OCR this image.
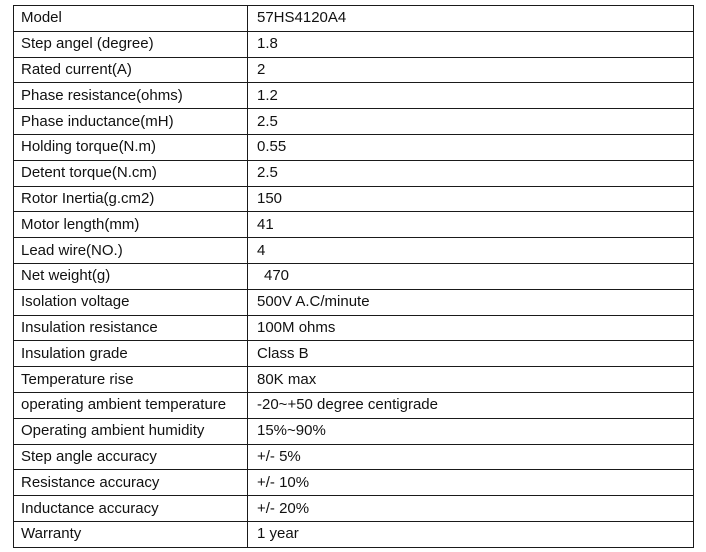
Model	57HS4120A4
Step angel (degree)	1.8
Rated current(A)	2
Phase resistance(ohms)	1.2
Phase inductance(mH)	2.5
Holding torque(N.m)	0.55
Detent torque(N.cm)	2.5
Rotor Inertia(g.cm2)	150
Motor length(mm)	41
Lead wire(NO.)	4
Net weight(g)	470
Isolation voltage	500V A.C/minute
Insulation resistance	100M ohms
Insulation grade	Class B
Temperature rise	80K max
operating ambient temperature	-20~+50 degree centigrade
Operating ambient humidity	15%~90%
Step angle accuracy	+/- 5%
Resistance accuracy	+/- 10%
Inductance accuracy	+/- 20%
Warranty	1 year
